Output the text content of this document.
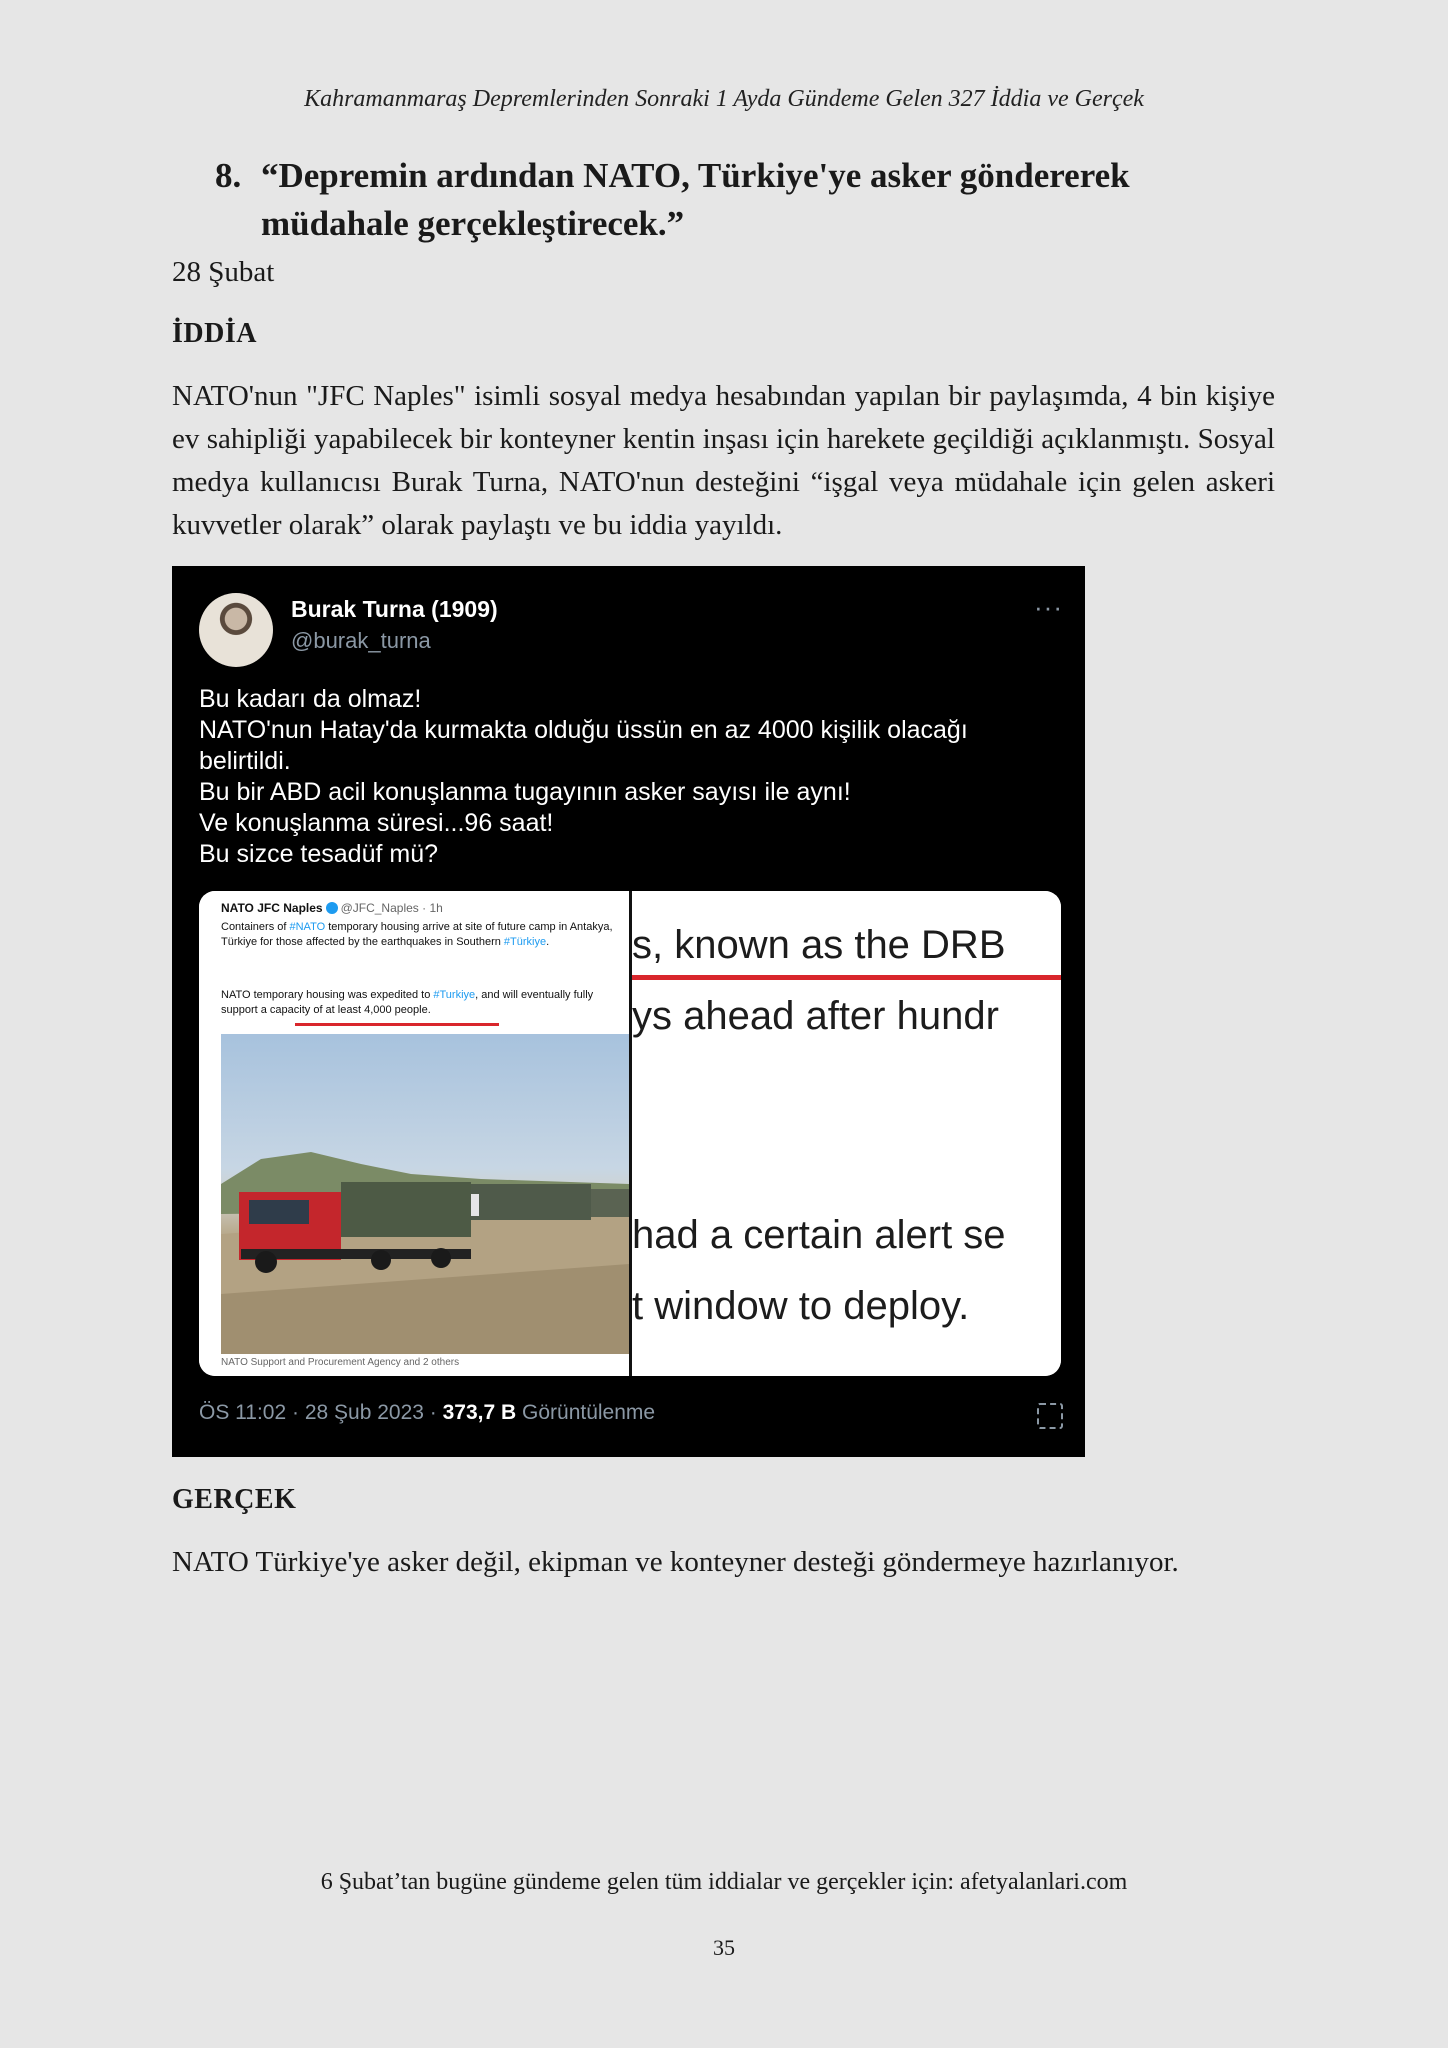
Kahramanmaraş Depremlerinden Sonraki 1 Ayda Gündeme Gelen 327 İddia ve Gerçek
8. “Depremin ardından NATO, Türkiye'ye asker göndererek
müdahale gerçekleştirecek.”
28 Şubat
İDDİA

NATO'nun "JFC Naples" isimli sosyal medya hesabından yapılan bir paylaşımda, 4 bin kişiye ev sahipliği yapabilecek bir konteyner kentin inşası için harekete geçildiği açıklanmıştı. Sosyal medya kullanıcısı Burak Turna, NATO'nun desteğini “işgal veya müdahale için gelen askeri kuvvetler olarak” olarak paylaştı ve bu iddia yayıldı.

Burak Turna (1909)
@burak_turna
···
Bu kadarı da olmaz!
NATO'nun Hatay'da kurmakta olduğu üssün en az 4000 kişilik olacağı
belirtildi.
Bu bir ABD acil konuşlanma tugayının asker sayısı ile aynı!
Ve konuşlanma süresi...96 saat!
Bu sizce tesadüf mü?
NATO JFC Naples @JFC_Naples · 1h
Containers of #NATO temporary housing arrive at site of future camp in Antakya, Türkiye for those affected by the earthquakes in Southern #Türkiye.
NATO temporary housing was expedited to #Turkiye, and will eventually fully support a capacity of at least 4,000 people.
NATO Support and Procurement Agency and 2 others
s, known as the DRB
ys ahead after hundr
had a certain alert se
t window to deploy.
ÖS 11:02 · 28 Şub 2023 · 373,7 B Görüntülenme
GERÇEK

NATO Türkiye'ye asker değil, ekipman ve konteyner desteği göndermeye hazırlanıyor.

6 Şubat’tan bugüne gündeme gelen tüm iddialar ve gerçekler için: afetyalanlari.com
35
